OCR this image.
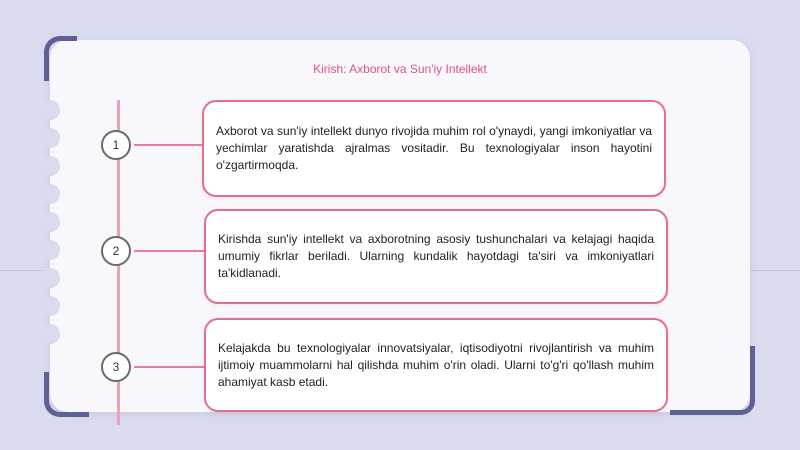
Kirish: Axborot va Sun'iy Intellekt
1

Axborot va sun'iy intellekt dunyo rivojida muhim rol o'ynaydi, yangi imkoniyatlar va yechimlar yaratishda ajralmas vositadir. Bu texnologiyalar inson hayotini o'zgartirmoqda.

2

Kirishda sun'iy intellekt va axborotning asosiy tushunchalari va kelajagi haqida umumiy fikrlar beriladi. Ularning kundalik hayotdagi ta'siri va imkoniyatlari ta'kidlanadi.

3

Kelajakda bu texnologiyalar innovatsiyalar, iqtisodiyotni rivojlantirish va muhim ijtimoiy muammolarni hal qilishda muhim o'rin oladi. Ularni to'g'ri qo'llash muhim ahamiyat kasb etadi.
